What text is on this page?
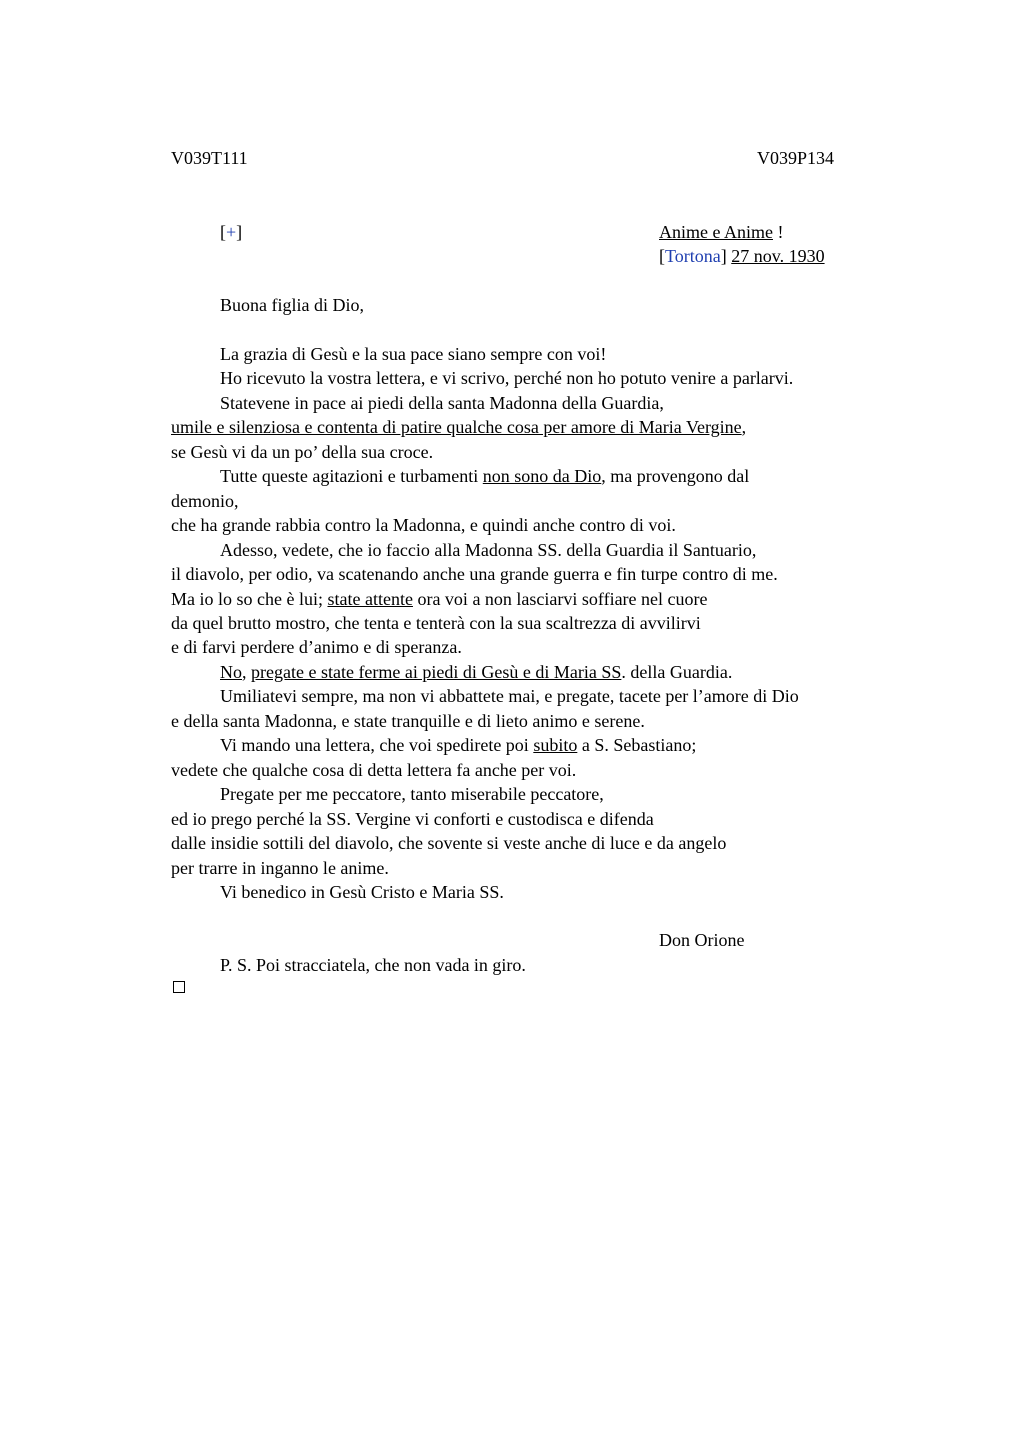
V039T111	V039P134
[+]	Anime e Anime !
[Tortona] 27 nov. 1930
Buona figlia di Dio,
La grazia di Gesù e la sua pace siano sempre con voi!
Ho ricevuto la vostra lettera, e vi scrivo, perché non ho potuto venire a parlarvi.
Statevene in pace ai piedi della santa Madonna della Guardia,
umile e silenziosa e contenta di patire qualche cosa per amore di Maria Vergine,
se Gesù vi da un po’ della sua croce.
Tutte queste agitazioni e turbamenti non sono da Dio, ma provengono dal
demonio,
che ha grande rabbia contro la Madonna, e quindi anche contro di voi.
Adesso, vedete, che io faccio alla Madonna SS. della Guardia il Santuario,
il diavolo, per odio, va scatenando anche una grande guerra e fin turpe contro di me.
Ma io lo so che è lui; state attente ora voi a non lasciarvi soffiare nel cuore
da quel brutto mostro, che tenta e tenterà con la sua scaltrezza di avvilirvi
e di farvi perdere d’animo e di speranza.
No, pregate e state ferme ai piedi di Gesù e di Maria SS. della Guardia.
Umiliatevi sempre, ma non vi abbattete mai, e pregate, tacete per l’amore di Dio
e della santa Madonna, e state tranquille e di lieto animo e serene.
Vi mando una lettera, che voi spedirete poi subito a S. Sebastiano;
vedete che qualche cosa di detta lettera fa anche per voi.
Pregate per me peccatore, tanto miserabile peccatore,
ed io prego perché la SS. Vergine vi conforti e custodisca e difenda
dalle insidie sottili del diavolo, che sovente si veste anche di luce e da angelo
per trarre in inganno le anime.
Vi benedico in Gesù Cristo e Maria SS.
Don Orione
P. S. Poi stracciatela, che non vada in giro.
